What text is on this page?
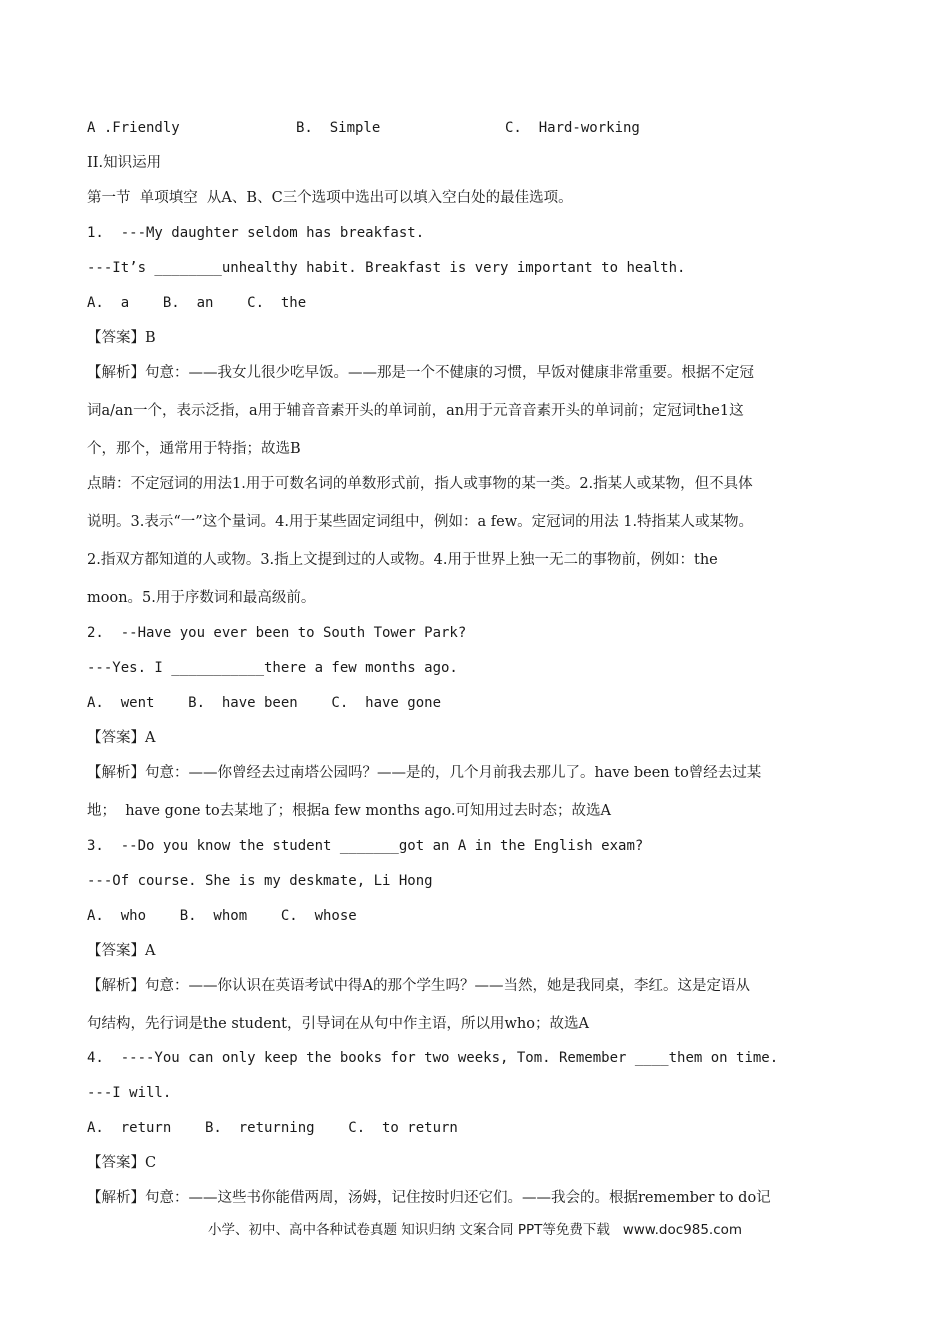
A .Friendly	B.  Simple	C.  Hard-working
II.知识运用
第一节  单项填空  从A、B、C三个选项中选出可以填入空白处的最佳选项。
1.  ---My daughter seldom has breakfast.
---It’s ________unhealthy habit. Breakfast is very important to health.
A.  a    B.  an    C.  the
【答案】B
【解析】句意：——我女儿很少吃早饭。——那是一个不健康的习惯，早饭对健康非常重要。根据不定冠
词a/an一个，表示泛指，a用于辅音音素开头的单词前，an用于元音音素开头的单词前；定冠词the1这
个，那个，通常用于特指；故选B
点睛：不定冠词的用法1.用于可数名词的单数形式前，指人或事物的某一类。2.指某人或某物，但不具体
说明。3.表示“一”这个量词。4.用于某些固定词组中，例如：a few。定冠词的用法 1.特指某人或某物。
2.指双方都知道的人或物。3.指上文提到过的人或物。4.用于世界上独一无二的事物前，例如：the
moon。5.用于序数词和最高级前。
2.  --Have you ever been to South Tower Park?
---Yes. I ___________there a few months ago.
A.  went    B.  have been    C.  have gone
【答案】A
【解析】句意：——你曾经去过南塔公园吗？——是的，几个月前我去那儿了。have been to曾经去过某
地；  have gone to去某地了；根据a few months ago.可知用过去时态；故选A
3.  --Do you know the student _______got an A in the English exam?
---Of course. She is my deskmate, Li Hong
A.  who    B.  whom    C.  whose
【答案】A
【解析】句意：——你认识在英语考试中得A的那个学生吗？——当然，她是我同桌，李红。这是定语从
句结构，先行词是the student，引导词在从句中作主语，所以用who；故选A
4.  ----You can only keep the books for two weeks, Tom. Remember ____them on time.
---I will.
A.  return    B.  returning    C.  to return
【答案】C
【解析】句意：——这些书你能借两周，汤姆，记住按时归还它们。——我会的。根据remember to do记
小学、初中、高中各种试卷真题 知识归纳 文案合同 PPT等免费下载   www.doc985.com
